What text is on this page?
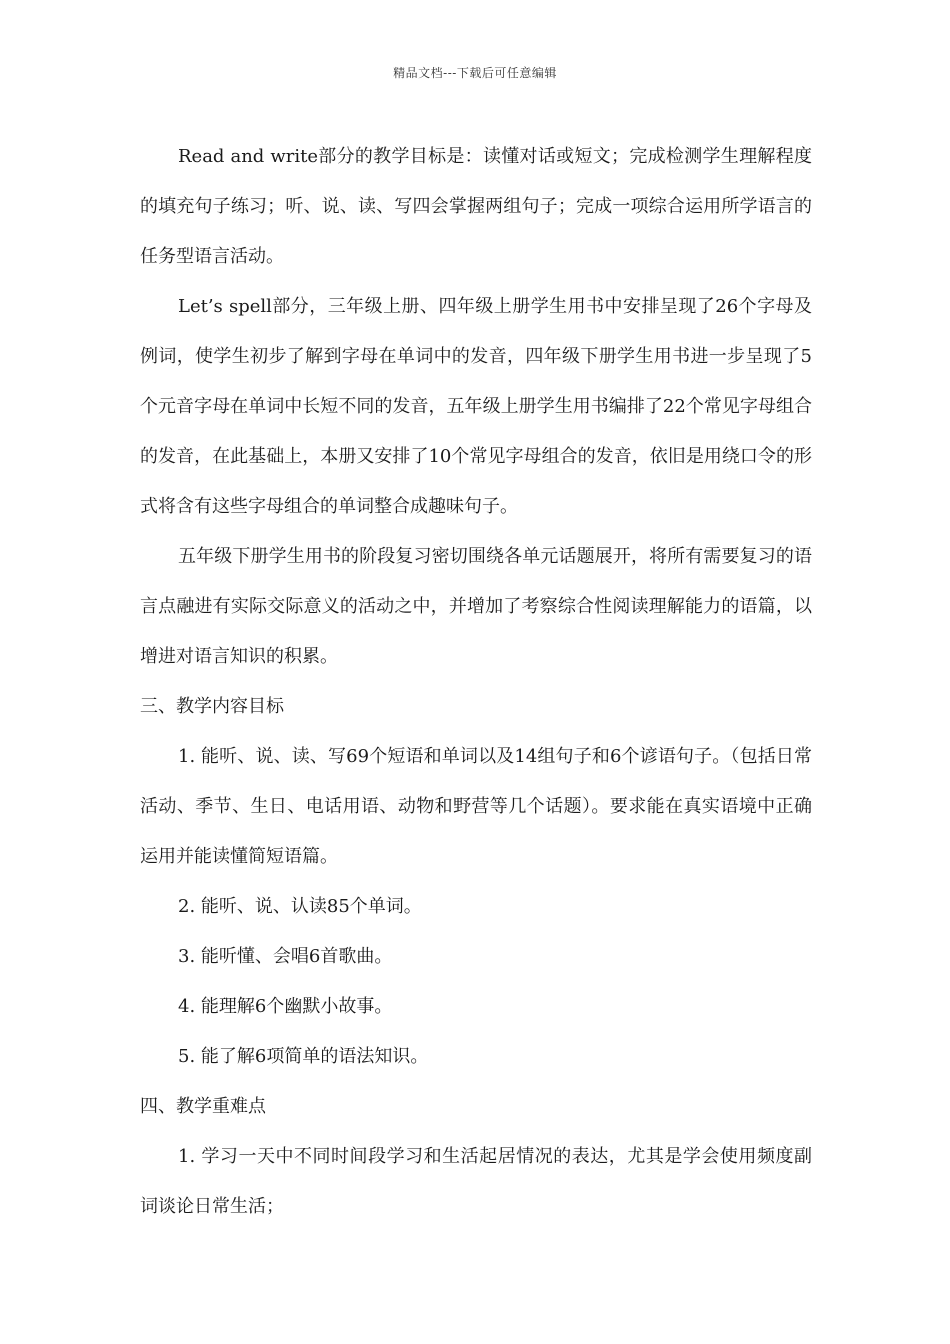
精品文档---下载后可任意编辑

Read and write部分的教学目标是：读懂对话或短文；完成检测学生理解程度的填充句子练习；听、说、读、写四会掌握两组句子；完成一项综合运用所学语言的任务型语言活动。

Let’s spell部分，三年级上册、四年级上册学生用书中安排呈现了26个字母及例词，使学生初步了解到字母在单词中的发音，四年级下册学生用书进一步呈现了5个元音字母在单词中长短不同的发音，五年级上册学生用书编排了22个常见字母组合的发音，在此基础上，本册又安排了10个常见字母组合的发音，依旧是用绕口令的形式将含有这些字母组合的单词整合成趣味句子。

五年级下册学生用书的阶段复习密切围绕各单元话题展开，将所有需要复习的语言点融进有实际交际意义的活动之中，并增加了考察综合性阅读理解能力的语篇，以增进对语言知识的积累。

三、教学内容目标

1. 能听、说、读、写69个短语和单词以及14组句子和6个谚语句子。（包括日常活动、季节、生日、电话用语、动物和野营等几个话题）。要求能在真实语境中正确运用并能读懂简短语篇。

2. 能听、说、认读85个单词。

3. 能听懂、会唱6首歌曲。

4. 能理解6个幽默小故事。

5. 能了解6项简单的语法知识。

四、教学重难点

1. 学习一天中不同时间段学习和生活起居情况的表达，尤其是学会使用频度副词谈论日常生活；
